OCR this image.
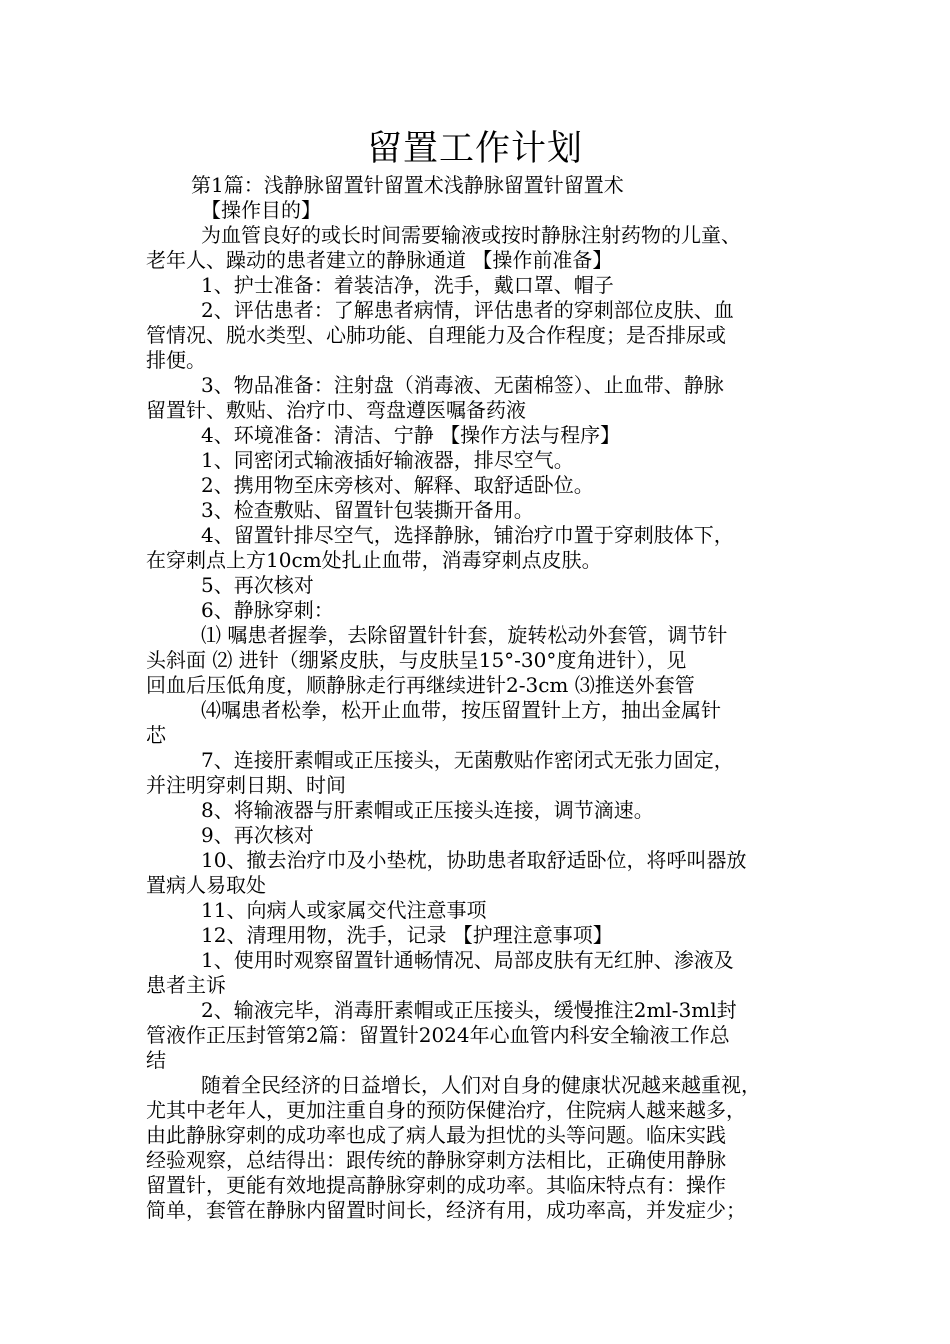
留置工作计划
第1篇：浅静脉留置针留置术浅静脉留置针留置术
【操作目的】
为血管良好的或长时间需要输液或按时静脉注射药物的儿童、
老年人、躁动的患者建立的静脉通道 【操作前准备】
1、护士准备：着装洁净，洗手，戴口罩、帽子
2、评估患者：了解患者病情，评估患者的穿刺部位皮肤、血
管情况、脱水类型、心肺功能、自理能力及合作程度；是否排尿或
排便。
3、物品准备：注射盘（消毒液、无菌棉签）、止血带、静脉
留置针、敷贴、治疗巾、弯盘遵医嘱备药液
4、环境准备：清洁、宁静 【操作方法与程序】
1、同密闭式输液插好输液器，排尽空气。
2、携用物至床旁核对、解释、取舒适卧位。
3、检查敷贴、留置针包装撕开备用。
4、留置针排尽空气，选择静脉，铺治疗巾置于穿刺肢体下，
在穿刺点上方10cm处扎止血带，消毒穿刺点皮肤。
5、再次核对
6、静脉穿刺：
⑴ 嘱患者握拳，去除留置针针套，旋转松动外套管，调节针
头斜面 ⑵ 进针（绷紧皮肤，与皮肤呈15°-30°度角进针），见
回血后压低角度，顺静脉走行再继续进针2-3cm ⑶推送外套管
⑷嘱患者松拳，松开止血带，按压留置针上方，抽出金属针
芯
7、连接肝素帽或正压接头，无菌敷贴作密闭式无张力固定，
并注明穿刺日期、时间
8、将输液器与肝素帽或正压接头连接，调节滴速。
9、再次核对
10、撤去治疗巾及小垫枕，协助患者取舒适卧位，将呼叫器放
置病人易取处
11、向病人或家属交代注意事项
12、清理用物，洗手，记录 【护理注意事项】
1、使用时观察留置针通畅情况、局部皮肤有无红肿、渗液及
患者主诉
2、输液完毕，消毒肝素帽或正压接头，缓慢推注2ml-3ml封
管液作正压封管第2篇：留置针2024年心血管内科安全输液工作总
结
随着全民经济的日益增长，人们对自身的健康状况越来越重视，
尤其中老年人，更加注重自身的预防保健治疗，住院病人越来越多，
由此静脉穿刺的成功率也成了病人最为担忧的头等问题。临床实践
经验观察，总结得出：跟传统的静脉穿刺方法相比，正确使用静脉
留置针，更能有效地提高静脉穿刺的成功率。其临床特点有：操作
简单，套管在静脉内留置时间长，经济有用，成功率高，并发症少；
